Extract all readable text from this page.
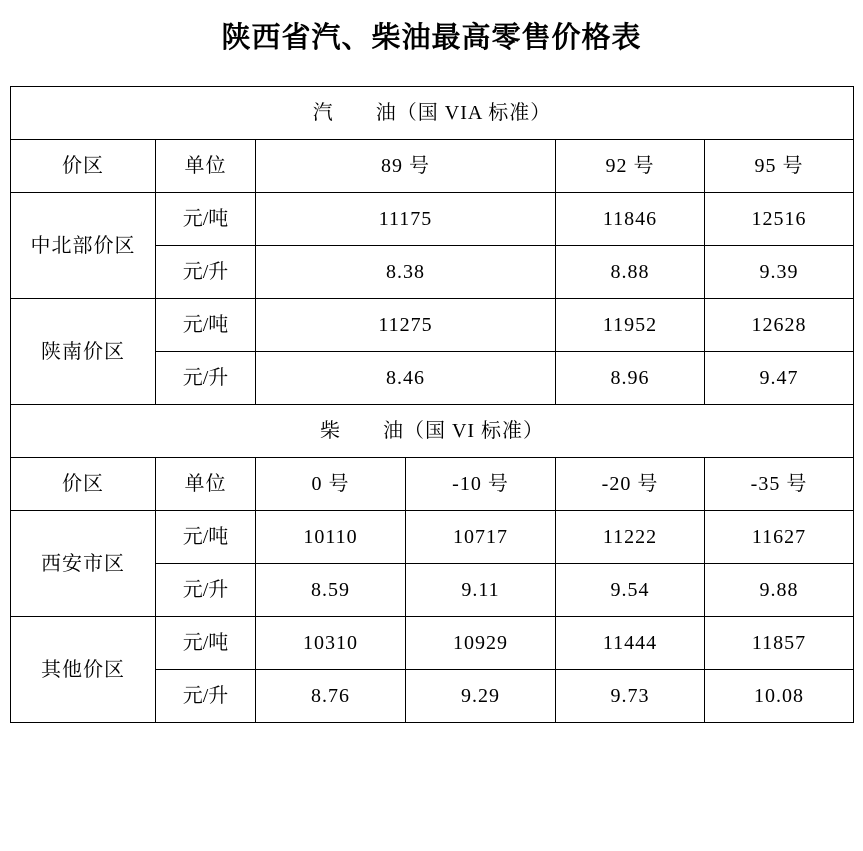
陕西省汽、柴油最高零售价格表
汽　　油（国 VIA 标准）					
价区	单位	89 号		92 号	95 号
中北部价区	元/吨	11175		11846	12516
	元/升	8.38		8.88	9.39
陕南价区	元/吨	11275		11952	12628
	元/升	8.46		8.96	9.47
柴　　油（国 VI 标准）					
价区	单位	0 号	-10 号	-20 号	-35 号
西安市区	元/吨	10110	10717	11222	11627
	元/升	8.59	9.11	9.54	9.88
其他价区	元/吨	10310	10929	11444	11857
	元/升	8.76	9.29	9.73	10.08
